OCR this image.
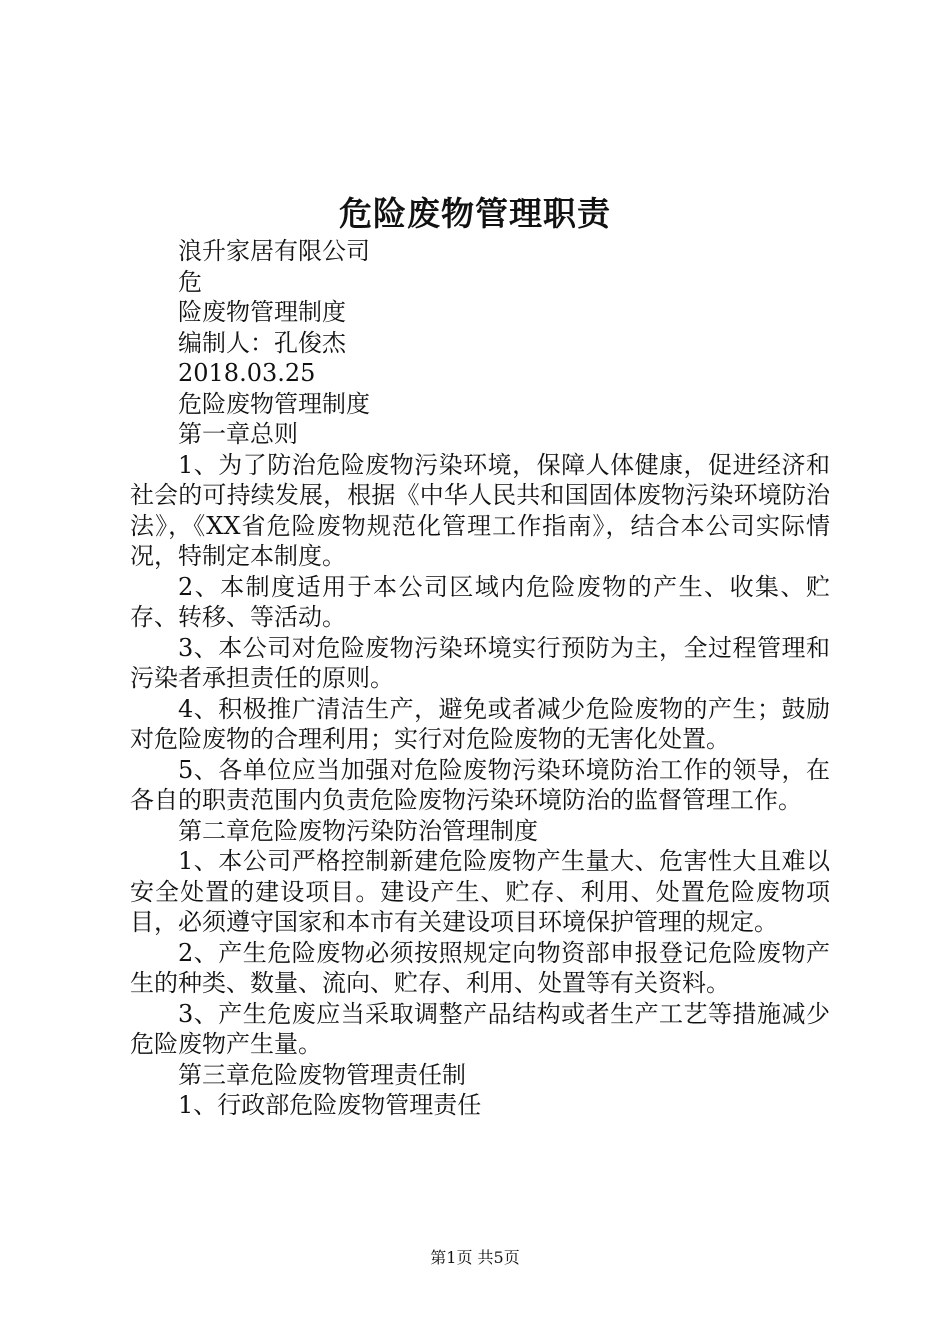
危险废物管理职责

浪升家居有限公司

危

险废物管理制度

编制人：孔俊杰

2018.03.25

危险废物管理制度

第一章总则

1、为了防治危险废物污染环境，保障人体健康，促进经济和社会的可持续发展，根据《中华人民共和国固体废物污染环境防治法》，《XX省危险废物规范化管理工作指南》，结合本公司实际情况，特制定本制度。

2、本制度适用于本公司区域内危险废物的产生、收集、贮存、转移、等活动。

3、本公司对危险废物污染环境实行预防为主，全过程管理和污染者承担责任的原则。

4、积极推广清洁生产，避免或者减少危险废物的产生；鼓励对危险废物的合理利用；实行对危险废物的无害化处置。

5、各单位应当加强对危险废物污染环境防治工作的领导，在各自的职责范围内负责危险废物污染环境防治的监督管理工作。

第二章危险废物污染防治管理制度

1、本公司严格控制新建危险废物产生量大、危害性大且难以安全处置的建设项目。建设产生、贮存、利用、处置危险废物项目，必须遵守国家和本市有关建设项目环境保护管理的规定。

2、产生危险废物必须按照规定向物资部申报登记危险废物产生的种类、数量、流向、贮存、利用、处置等有关资料。

3、产生危废应当采取调整产品结构或者生产工艺等措施减少危险废物产生量。

第三章危险废物管理责任制

1、行政部危险废物管理责任

第1页 共5页
